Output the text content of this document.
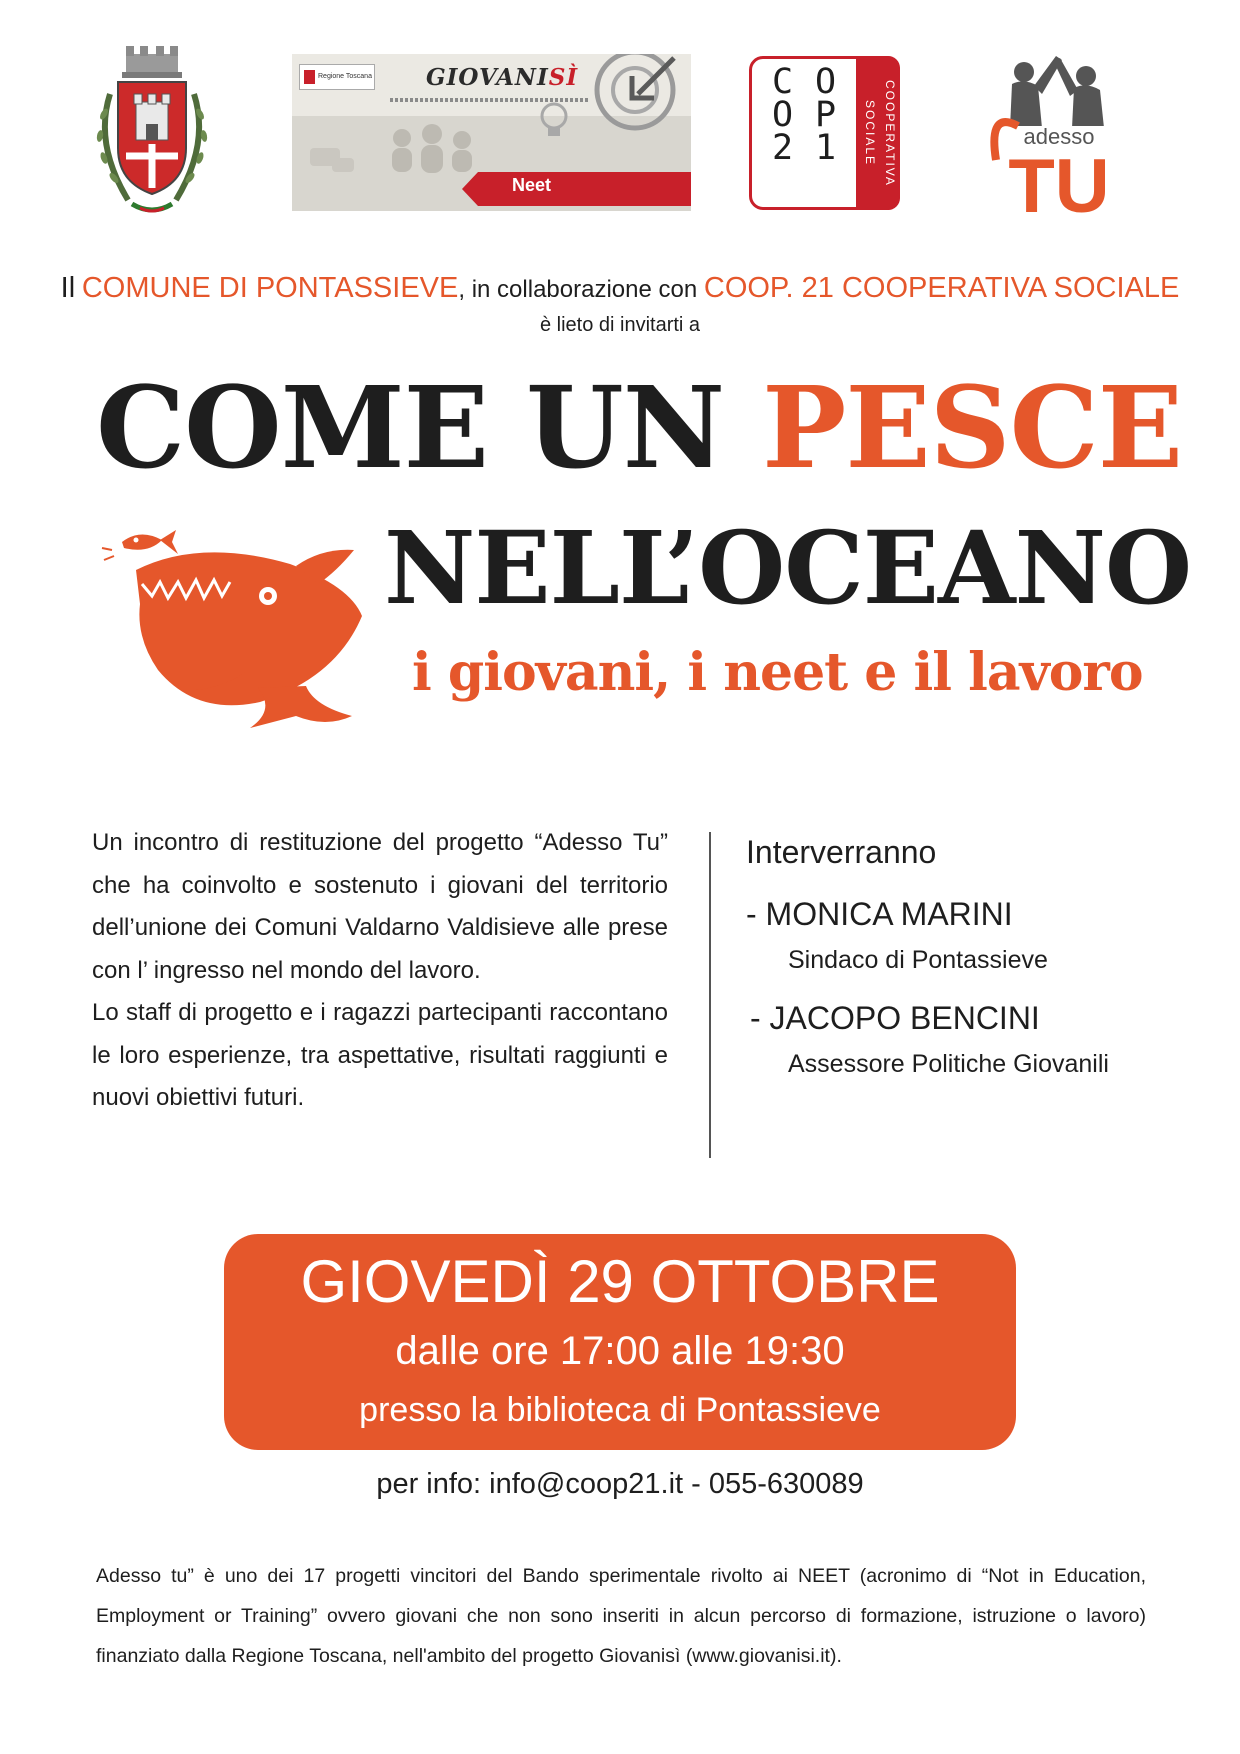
Regione Toscana GIOVANISÌ
Neet	COOPERATIVA SOCIALE
C O
O P
2 1	adesso
TU
Il COMUNE DI PONTASSIEVE, in collaborazione con COOP. 21 COOPERATIVA SOCIALE
è lieto di invitarti a
COME UN PESCE
NELL’OCEANO
i giovani, i neet e il lavoro

Un incontro di restituzione del progetto “Adesso Tu” che ha coinvolto e sostenuto i giovani del territorio dell’unione dei Comuni Valdarno Valdisieve alle prese con l’ ingresso nel mondo del lavoro.

Lo staff di progetto e i ragazzi partecipanti raccontano le loro esperienze, tra aspettative, risultati raggiunti e nuovi obiettivi futuri.

Interverranno
- MONICA MARINI
Sindaco di Pontassieve
- JACOPO BENCINI
Assessore Politiche Giovanili
GIOVEDÌ 29 OTTOBRE
dalle ore 17:00 alle 19:30
presso la biblioteca di Pontassieve
per info: info@coop21.it - 055-630089
Adesso tu” è uno dei 17 progetti vincitori del Bando sperimentale rivolto ai NEET (acronimo di “Not in Education, Employment or Training” ovvero giovani che non sono inseriti in alcun percorso di formazione, istruzione o lavoro) finanziato dalla Regione Toscana, nell'ambito del progetto Giovanisì (www.giovanisi.it).
